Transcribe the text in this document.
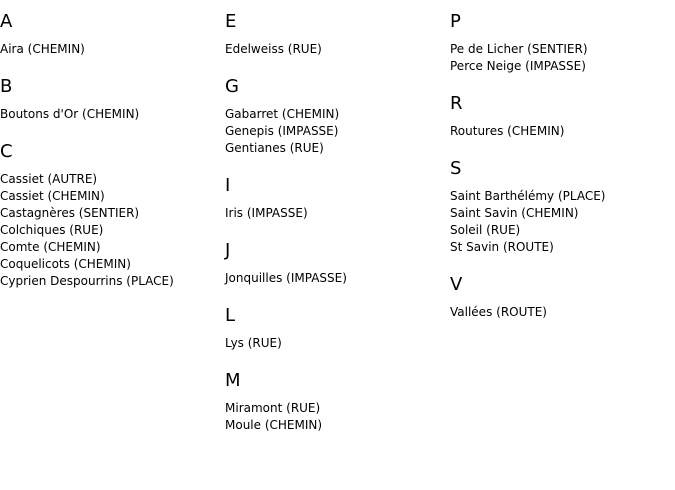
A
Aira (CHEMIN)
B
Boutons d'Or (CHEMIN)
C
Cassiet (AUTRE)
Cassiet (CHEMIN)
Castagnères (SENTIER)
Colchiques (RUE)
Comte (CHEMIN)
Coquelicots (CHEMIN)
Cyprien Despourrins (PLACE)
E
Edelweiss (RUE)
G
Gabarret (CHEMIN)
Genepis (IMPASSE)
Gentianes (RUE)
I
Iris (IMPASSE)
J
Jonquilles (IMPASSE)
L
Lys (RUE)
M
Miramont (RUE)
Moule (CHEMIN)
P
Pe de Licher (SENTIER)
Perce Neige (IMPASSE)
R
Routures (CHEMIN)
S
Saint Barthélémy (PLACE)
Saint Savin (CHEMIN)
Soleil (RUE)
St Savin (ROUTE)
V
Vallées (ROUTE)
